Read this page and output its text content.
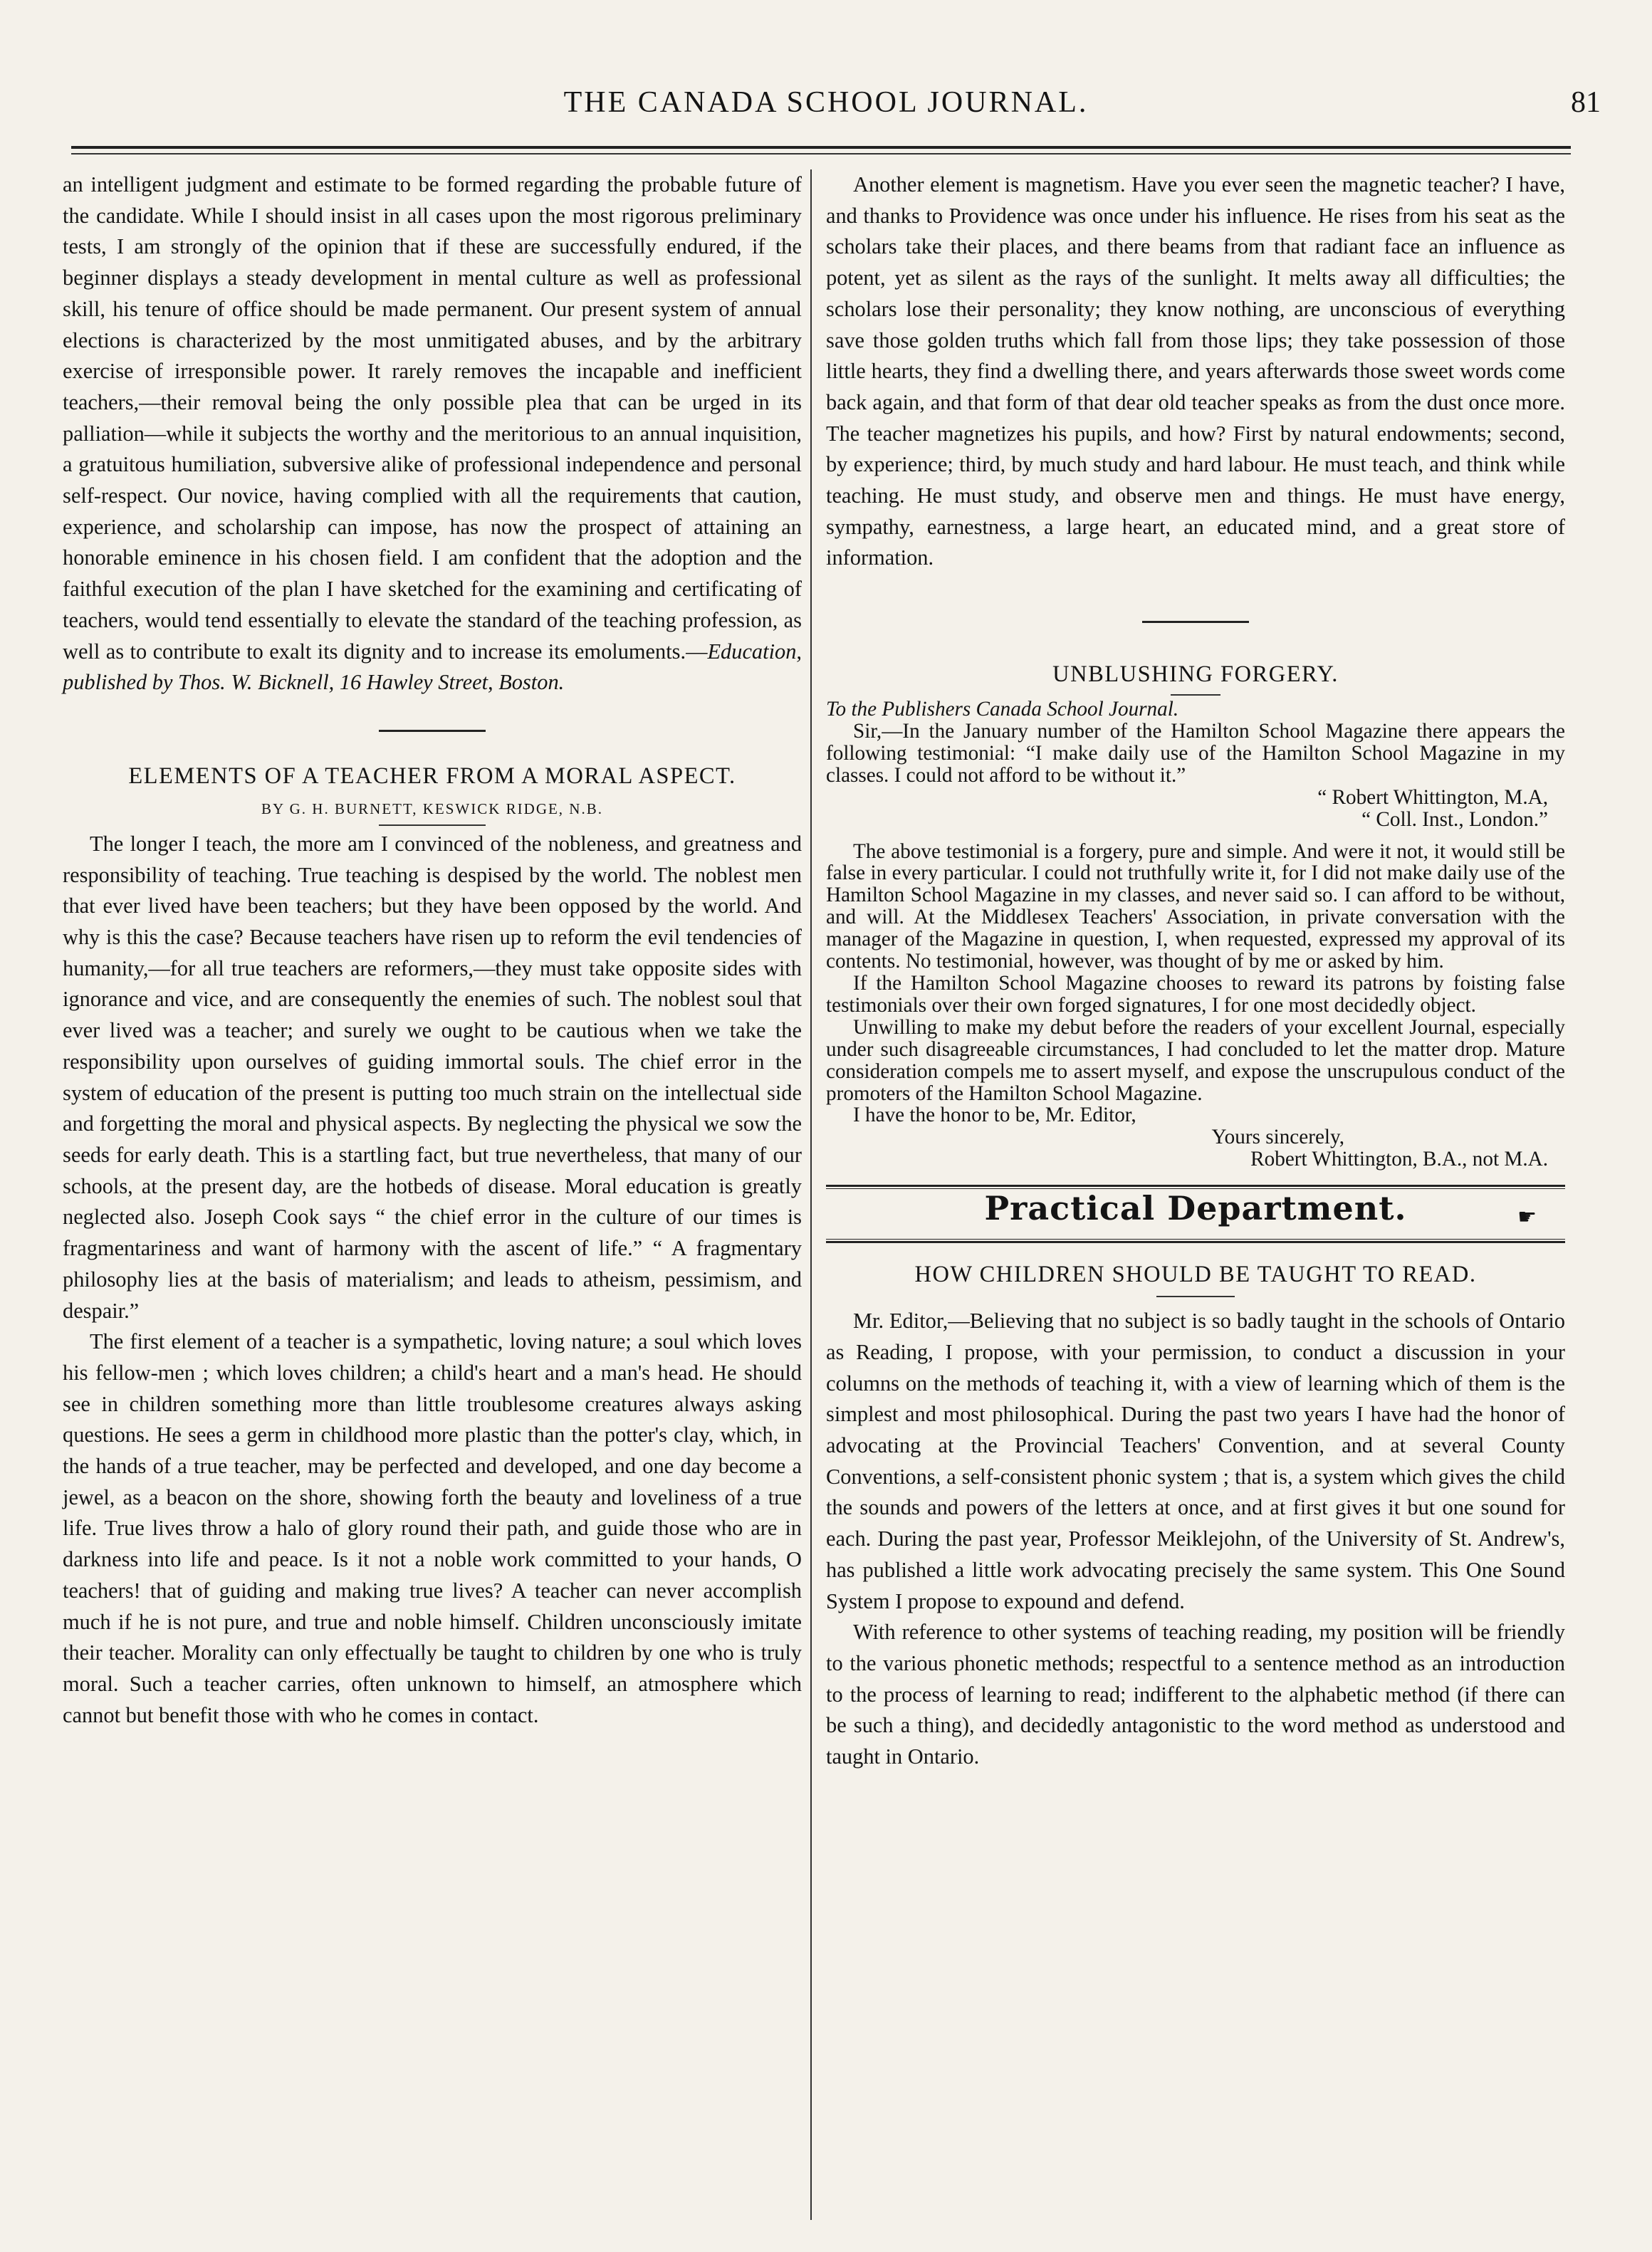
THE CANADA SCHOOL JOURNAL.	81

an intelligent judgment and estimate to be formed regarding the probable future of the candidate. While I should insist in all cases upon the most rigorous preliminary tests, I am strongly of the opinion that if these are successfully endured, if the beginner displays a steady development in mental culture as well as professional skill, his tenure of office should be made permanent. Our present system of annual elections is characterized by the most unmitigated abuses, and by the arbitrary exercise of irresponsible power. It rarely removes the incapable and inefficient teachers,—their removal being the only possible plea that can be urged in its palliation—while it subjects the worthy and the meritorious to an annual inquisition, a gratuitous humiliation, subversive alike of professional independence and personal self-respect. Our novice, having complied with all the requirements that caution, experience, and scholarship can impose, has now the prospect of attaining an honorable eminence in his chosen field. I am confident that the adoption and the faithful execution of the plan I have sketched for the examining and certificating of teachers, would tend essentially to elevate the standard of the teaching profession, as well as to contribute to exalt its dignity and to increase its emoluments.—Education, published by Thos. W. Bicknell, 16 Hawley Street, Boston.

ELEMENTS OF A TEACHER FROM A MORAL ASPECT.
BY G. H. BURNETT, KESWICK RIDGE, N.B.

The longer I teach, the more am I convinced of the nobleness, and greatness and responsibility of teaching. True teaching is despised by the world. The noblest men that ever lived have been teachers; but they have been opposed by the world. And why is this the case? Because teachers have risen up to reform the evil tendencies of humanity,—for all true teachers are reformers,—they must take opposite sides with ignorance and vice, and are consequently the enemies of such. The noblest soul that ever lived was a teacher; and surely we ought to be cautious when we take the responsibility upon ourselves of guiding immortal souls. The chief error in the system of education of the present is putting too much strain on the intellectual side and forgetting the moral and physical aspects. By neglecting the physical we sow the seeds for early death. This is a startling fact, but true nevertheless, that many of our schools, at the present day, are the hotbeds of disease. Moral education is greatly neglected also. Joseph Cook says “ the chief error in the culture of our times is fragmentariness and want of harmony with the ascent of life.” “ A fragmentary philosophy lies at the basis of materialism; and leads to atheism, pessimism, and despair.”

The first element of a teacher is a sympathetic, loving nature; a soul which loves his fellow-men ; which loves children; a child's heart and a man's head. He should see in children something more than little troublesome creatures always asking questions. He sees a germ in childhood more plastic than the potter's clay, which, in the hands of a true teacher, may be perfected and developed, and one day become a jewel, as a beacon on the shore, showing forth the beauty and loveliness of a true life. True lives throw a halo of glory round their path, and guide those who are in darkness into life and peace. Is it not a noble work committed to your hands, O teachers! that of guiding and making true lives? A teacher can never accomplish much if he is not pure, and true and noble himself. Children unconsciously imitate their teacher. Morality can only effectually be taught to children by one who is truly moral. Such a teacher carries, often unknown to himself, an atmosphere which cannot but benefit those with who he comes in contact.

Another element is magnetism. Have you ever seen the magnetic teacher? I have, and thanks to Providence was once under his influence. He rises from his seat as the scholars take their places, and there beams from that radiant face an influence as potent, yet as silent as the rays of the sunlight. It melts away all difficulties; the scholars lose their personality; they know nothing, are unconscious of everything save those golden truths which fall from those lips; they take possession of those little hearts, they find a dwelling there, and years afterwards those sweet words come back again, and that form of that dear old teacher speaks as from the dust once more. The teacher magnetizes his pupils, and how? First by natural endowments; second, by experience; third, by much study and hard labour. He must teach, and think while teaching. He must study, and observe men and things. He must have energy, sympathy, earnestness, a large heart, an educated mind, and a great store of information.

UNBLUSHING FORGERY.

To the Publishers Canada School Journal.

Sir,—In the January number of the Hamilton School Magazine there appears the following testimonial: “I make daily use of the Hamilton School Magazine in my classes. I could not afford to be without it.”

“ Robert Whittington, M.A,

“ Coll. Inst., London.”

The above testimonial is a forgery, pure and simple. And were it not, it would still be false in every particular. I could not truthfully write it, for I did not make daily use of the Hamilton School Magazine in my classes, and never said so. I can afford to be without, and will. At the Middlesex Teachers' Association, in private conversation with the manager of the Magazine in question, I, when requested, expressed my approval of its contents. No testimonial, however, was thought of by me or asked by him.

If the Hamilton School Magazine chooses to reward its patrons by foisting false testimonials over their own forged signatures, I for one most decidedly object.

Unwilling to make my debut before the readers of your excellent Journal, especially under such disagreeable circumstances, I had concluded to let the matter drop. Mature consideration compels me to assert myself, and expose the unscrupulous conduct of the promoters of the Hamilton School Magazine.

I have the honor to be, Mr. Editor,

Yours sincerely,

Robert Whittington, B.A., not M.A.

Practical Department.	☛
HOW CHILDREN SHOULD BE TAUGHT TO READ.

Mr. Editor,—Believing that no subject is so badly taught in the schools of Ontario as Reading, I propose, with your permission, to conduct a discussion in your columns on the methods of teaching it, with a view of learning which of them is the simplest and most philosophical. During the past two years I have had the honor of advocating at the Provincial Teachers' Convention, and at several County Conventions, a self-consistent phonic system ; that is, a system which gives the child the sounds and powers of the letters at once, and at first gives it but one sound for each. During the past year, Professor Meiklejohn, of the University of St. Andrew's, has published a little work advocating precisely the same system. This One Sound System I propose to expound and defend.

With reference to other systems of teaching reading, my position will be friendly to the various phonetic methods; respectful to a sentence method as an introduction to the process of learning to read; indifferent to the alphabetic method (if there can be such a thing), and decidedly antagonistic to the word method as understood and taught in Ontario.
